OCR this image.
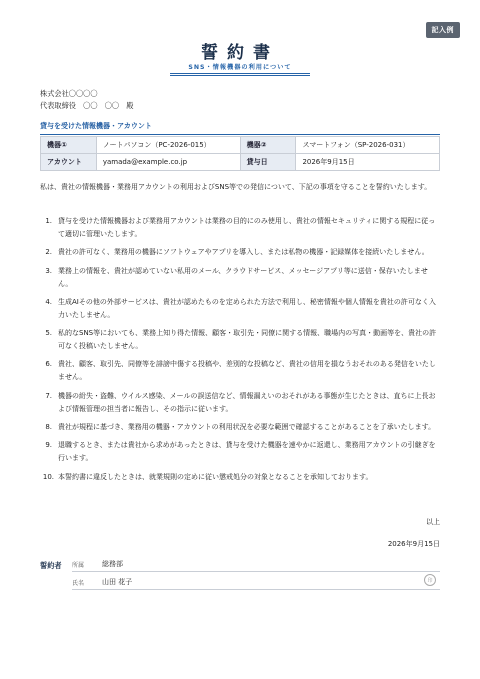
記入例
誓約書
SNS・情報機器の利用について
株式会社〇〇〇〇
代表取締役　〇〇　〇〇　殿
貸与を受けた情報機器・アカウント
機器①	ノートパソコン（PC-2026-015）	機器②	スマートフォン（SP-2026-031）
アカウント	yamada@example.co.jp	貸与日	2026年9月15日
私は、貴社の情報機器・業務用アカウントの利用およびSNS等での発信について、下記の事項を守ることを誓約いたします。
1. 貸与を受けた情報機器および業務用アカウントは業務の目的にのみ使用し、貴社の情報セキュリティに関する規程に従って適切に管理いたします。
2. 貴社の許可なく、業務用の機器にソフトウェアやアプリを導入し、または私物の機器・記録媒体を接続いたしません。
3. 業務上の情報を、貴社が認めていない私用のメール、クラウドサービス、メッセージアプリ等に送信・保存いたしません。
4. 生成AIその他の外部サービスは、貴社が認めたものを定められた方法で利用し、秘密情報や個人情報を貴社の許可なく入力いたしません。
5. 私的なSNS等においても、業務上知り得た情報、顧客・取引先・同僚に関する情報、職場内の写真・動画等を、貴社の許可なく投稿いたしません。
6. 貴社、顧客、取引先、同僚等を誹謗中傷する投稿や、差別的な投稿など、貴社の信用を損なうおそれのある発信をいたしません。
7. 機器の紛失・盗難、ウイルス感染、メールの誤送信など、情報漏えいのおそれがある事態が生じたときは、直ちに上長および情報管理の担当者に報告し、その指示に従います。
8. 貴社が規程に基づき、業務用の機器・アカウントの利用状況を必要な範囲で確認することがあることを了承いたします。
9. 退職するとき、または貴社から求めがあったときは、貸与を受けた機器を速やかに返還し、業務用アカウントの引継ぎを行います。
10. 本誓約書に違反したときは、就業規則の定めに従い懲戒処分の対象となることを承知しております。
以上
2026年9月15日
誓約者 所属	総務部
氏名	山田 花子	印
